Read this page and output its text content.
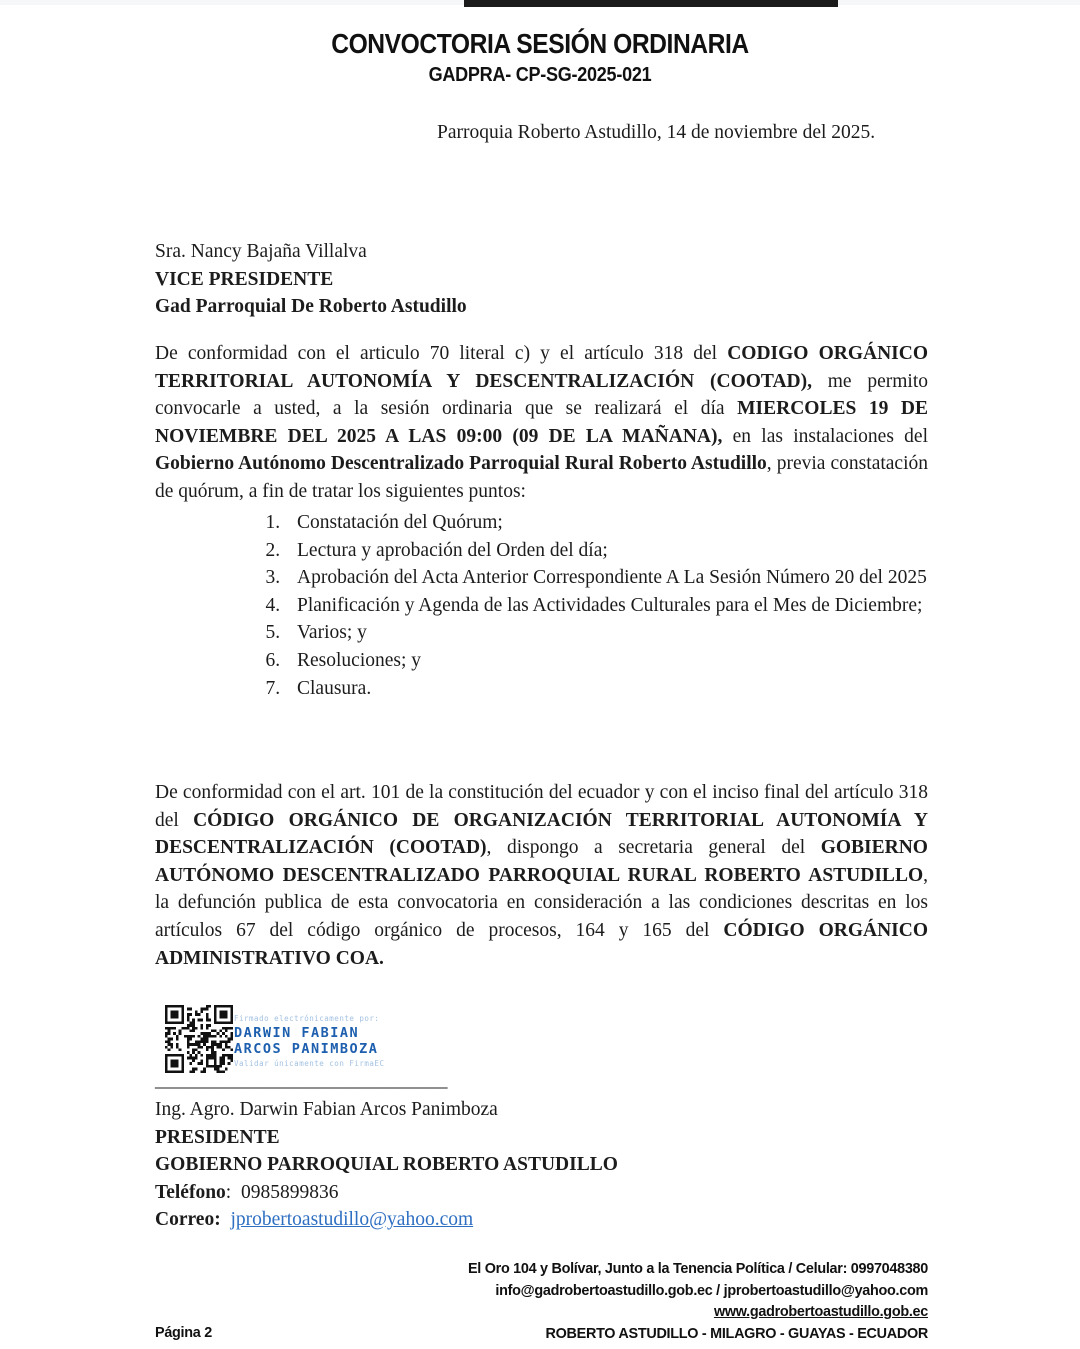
CONVOCTORIA SESIÓN ORDINARIA
GADPRA- CP-SG-2025-021
Parroquia Roberto Astudillo, 14 de noviembre del 2025.
Sra. Nancy Bajaña Villalva
VICE PRESIDENTE
Gad Parroquial De Roberto Astudillo

De conformidad con el articulo 70 literal c) y el artículo 318 del CODIGO ORGÁNICO TERRITORIAL AUTONOMÍA Y DESCENTRALIZACIÓN (COOTAD), me permito convocarle a usted, a la sesión ordinaria que se realizará el día MIERCOLES 19 DE NOVIEMBRE DEL 2025 A LAS 09:00 (09 DE LA MAÑANA), en las instalaciones del Gobierno Autónomo Descentralizado Parroquial Rural Roberto Astudillo, previa constatación de quórum, a fin de tratar los siguientes puntos:

1. Constatación del Quórum;
2. Lectura y aprobación del Orden del día;
3. Aprobación del Acta Anterior Correspondiente A La Sesión Número 20 del 2025
4. Planificación y Agenda de las Actividades Culturales para el Mes de Diciembre;
5. Varios; y
6. Resoluciones; y
7. Clausura.

De conformidad con el art. 101 de la constitución del ecuador y con el inciso final del artículo 318 del CÓDIGO ORGÁNICO DE ORGANIZACIÓN TERRITORIAL AUTONOMÍA Y DESCENTRALIZACIÓN (COOTAD), dispongo a secretaria general del GOBIERNO AUTÓNOMO DESCENTRALIZADO PARROQUIAL RURAL ROBERTO ASTUDILLO, la defunción publica de esta convocatoria en consideración a las condiciones descritas en los artículos 67 del código orgánico de procesos, 164 y 165 del CÓDIGO ORGÁNICO ADMINISTRATIVO COA.

Firmado electrónicamente por:
DARWIN FABIAN
ARCOS PANIMBOZA
Validar únicamente con FirmaEC
______________________________
Ing. Agro. Darwin Fabian Arcos Panimboza
PRESIDENTE
GOBIERNO PARROQUIAL ROBERTO ASTUDILLO
Teléfono:  0985899836
Correo: jprobertoastudillo@yahoo.com
El Oro 104 y Bolívar, Junto a la Tenencia Política / Celular: 0997048380
info@gadrobertoastudillo.gob.ec / jprobertoastudillo@yahoo.com
www.gadrobertoastudillo.gob.ec
ROBERTO ASTUDILLO - MILAGRO - GUAYAS - ECUADOR
Página 2
